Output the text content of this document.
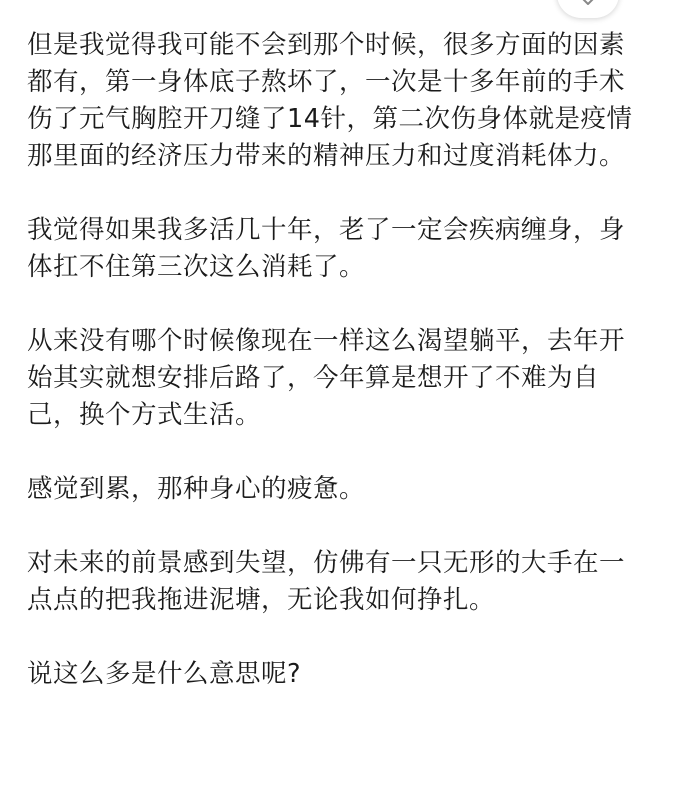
但是我觉得我可能不会到那个时候，很多方面的因素
都有，第一身体底子熬坏了，一次是十多年前的手术
伤了元气胸腔开刀缝了14针，第二次伤身体就是疫情
那里面的经济压力带来的精神压力和过度消耗体力。

我觉得如果我多活几十年，老了一定会疾病缠身，身
体扛不住第三次这么消耗了。

从来没有哪个时候像现在一样这么渴望躺平，去年开
始其实就想安排后路了，今年算是想开了不难为自
己，换个方式生活。

感觉到累，那种身心的疲惫。

对未来的前景感到失望，仿佛有一只无形的大手在一
点点的把我拖进泥塘，无论我如何挣扎。

说这么多是什么意思呢?
